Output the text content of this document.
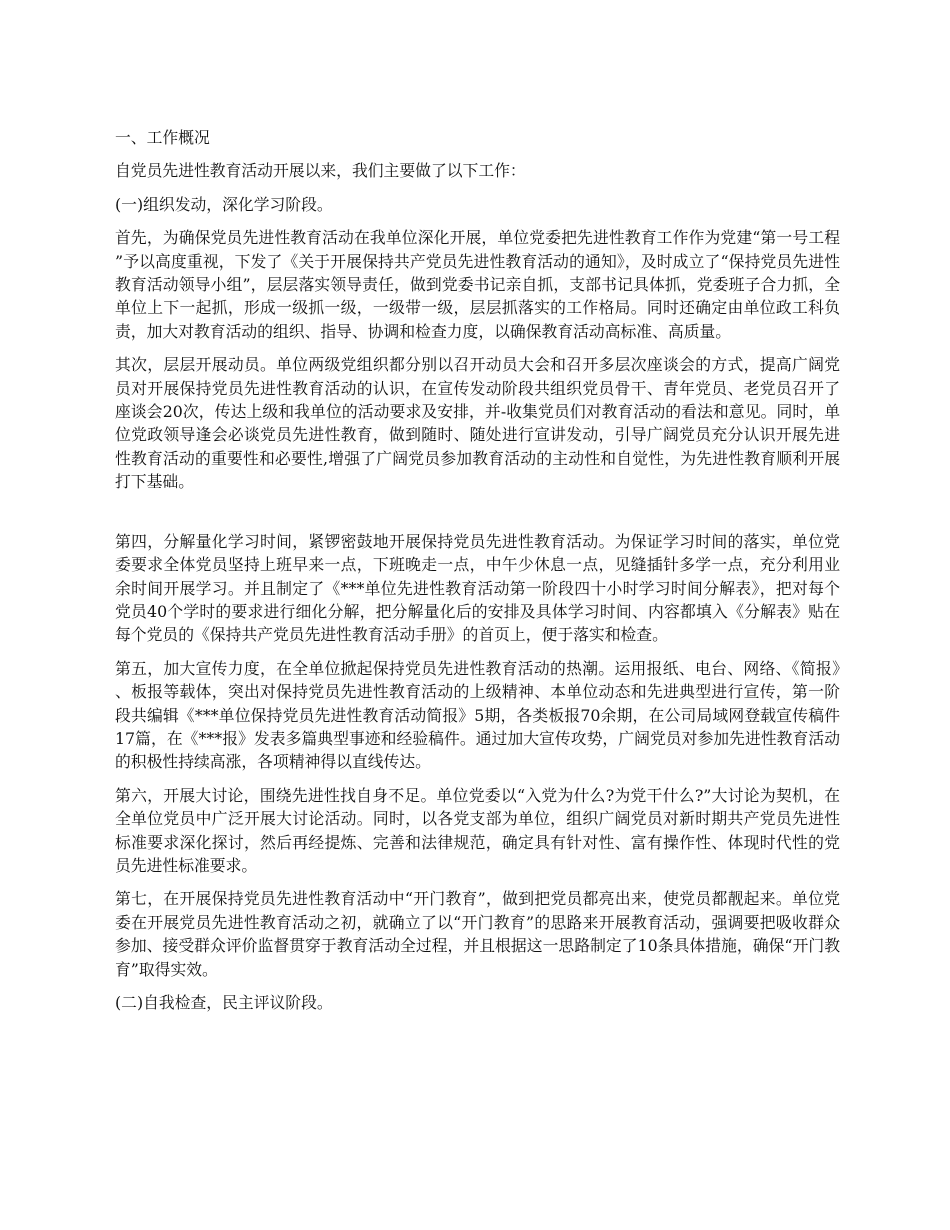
一、工作概况

自党员先进性教育活动开展以来，我们主要做了以下工作：

(一)组织发动，深化学习阶段。

首先，为确保党员先进性教育活动在我单位深化开展，单位党委把先进性教育工作作为党建“第一号工程”予以高度重视，下发了《关于开展保持共产党员先进性教育活动的通知》，及时成立了“保持党员先进性教育活动领导小组”，层层落实领导责任，做到党委书记亲自抓，支部书记具体抓，党委班子合力抓，全单位上下一起抓，形成一级抓一级，一级带一级，层层抓落实的工作格局。同时还确定由单位政工科负责，加大对教育活动的组织、指导、协调和检查力度，以确保教育活动高标准、高质量。

其次，层层开展动员。单位两级党组织都分别以召开动员大会和召开多层次座谈会的方式，提高广阔党员对开展保持党员先进性教育活动的认识，在宣传发动阶段共组织党员骨干、青年党员、老党员召开了座谈会20次，传达上级和我单位的活动要求及安排，并-收集党员们对教育活动的看法和意见。同时，单位党政领导逢会必谈党员先进性教育，做到随时、随处进行宣讲发动，引导广阔党员充分认识开展先进性教育活动的重要性和必要性,增强了广阔党员参加教育活动的主动性和自觉性，为先进性教育顺利开展打下基础。

第四，分解量化学习时间，紧锣密鼓地开展保持党员先进性教育活动。为保证学习时间的落实，单位党委要求全体党员坚持上班早来一点，下班晚走一点，中午少休息一点，见缝插针多学一点，充分利用业余时间开展学习。并且制定了《***单位先进性教育活动第一阶段四十小时学习时间分解表》，把对每个党员40个学时的要求进行细化分解，把分解量化后的安排及具体学习时间、内容都填入《分解表》贴在每个党员的《保持共产党员先进性教育活动手册》的首页上，便于落实和检查。

第五，加大宣传力度，在全单位掀起保持党员先进性教育活动的热潮。运用报纸、电台、网络、《简报》、板报等载体，突出对保持党员先进性教育活动的上级精神、本单位动态和先进典型进行宣传，第一阶段共编辑《***单位保持党员先进性教育活动简报》5期，各类板报70余期，在公司局域网登载宣传稿件17篇，在《***报》发表多篇典型事迹和经验稿件。通过加大宣传攻势，广阔党员对参加先进性教育活动的积极性持续高涨，各项精神得以直线传达。

第六，开展大讨论，围绕先进性找自身不足。单位党委以“入党为什么?为党干什么?”大讨论为契机，在全单位党员中广泛开展大讨论活动。同时，以各党支部为单位，组织广阔党员对新时期共产党员先进性标准要求深化探讨，然后再经提炼、完善和法律规范，确定具有针对性、富有操作性、体现时代性的党员先进性标准要求。

第七，在开展保持党员先进性教育活动中“开门教育”，做到把党员都亮出来，使党员都靓起来。单位党委在开展党员先进性教育活动之初，就确立了以“开门教育”的思路来开展教育活动，强调要把吸收群众参加、接受群众评价监督贯穿于教育活动全过程，并且根据这一思路制定了10条具体措施，确保“开门教育”取得实效。

(二)自我检查，民主评议阶段。
